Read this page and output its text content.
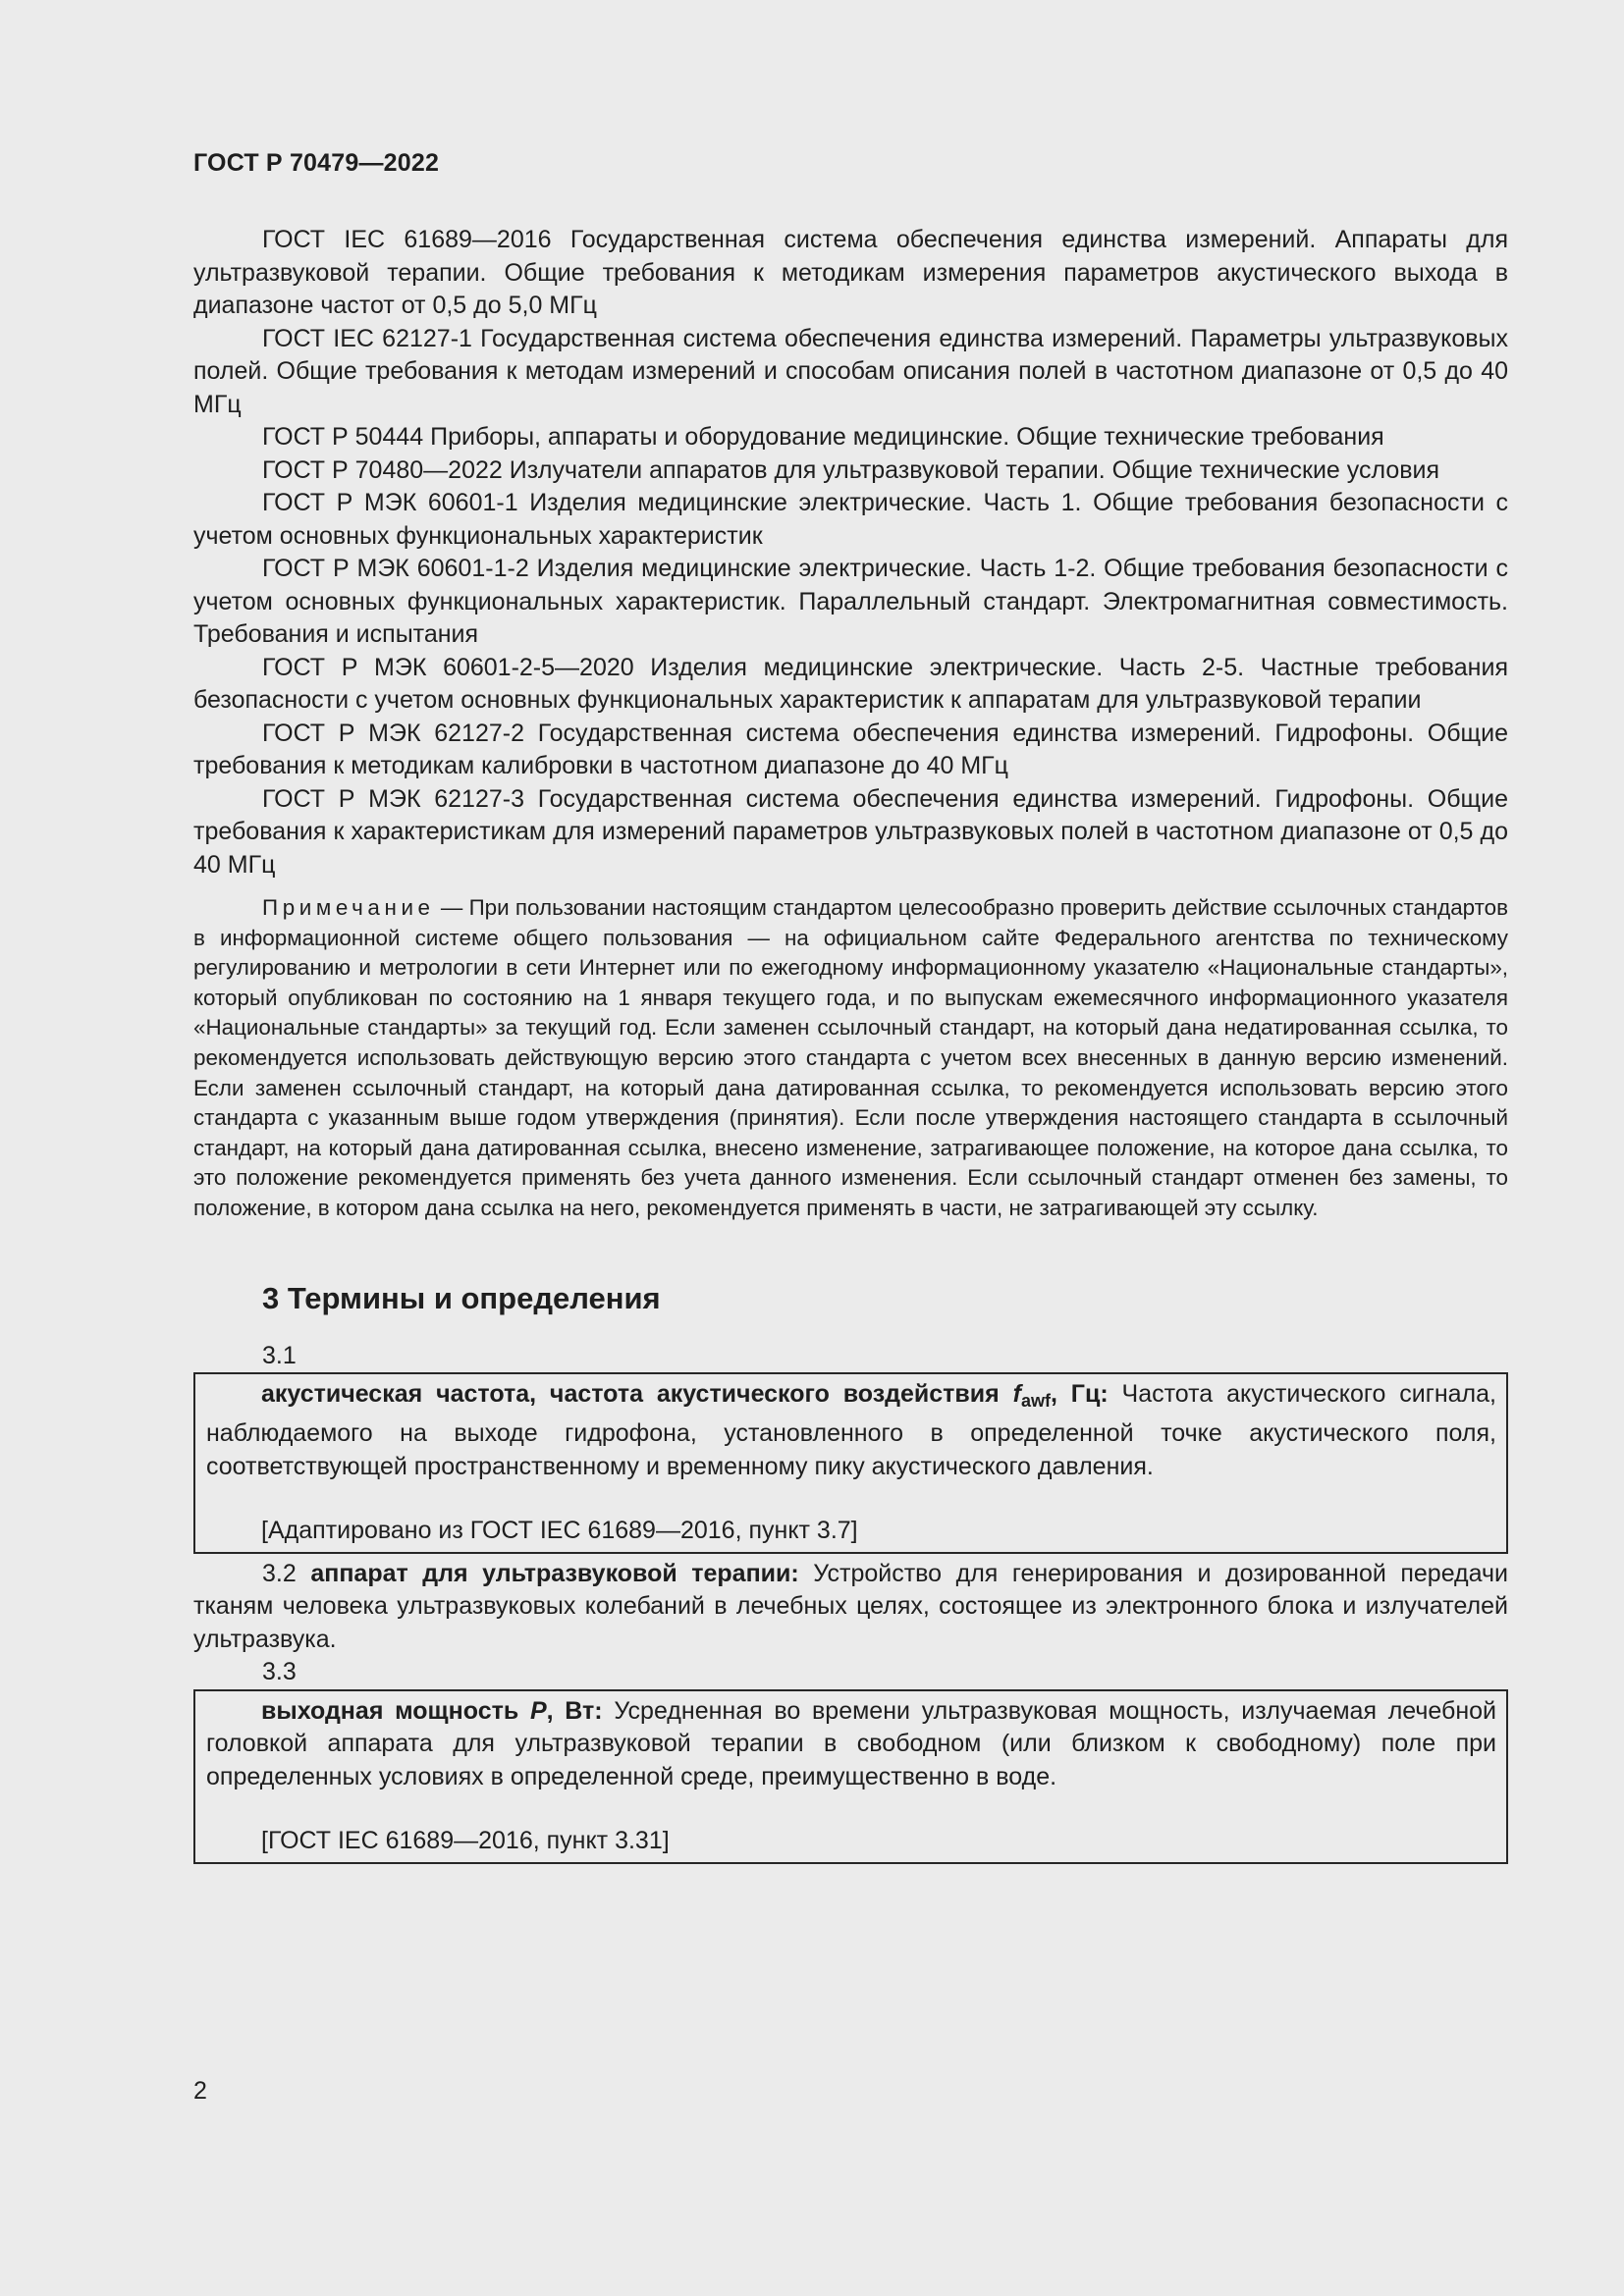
ГОСТ Р 70479—2022

ГОСТ IEC 61689—2016 Государственная система обеспечения единства измерений. Аппараты для ультразвуковой терапии. Общие требования к методикам измерения параметров акустического выхода в диапазоне частот от 0,5 до 5,0 МГц

ГОСТ IEC 62127-1 Государственная система обеспечения единства измерений. Параметры ультразвуковых полей. Общие требования к методам измерений и способам описания полей в частотном диапазоне от 0,5 до 40 МГц

ГОСТ Р 50444 Приборы, аппараты и оборудование медицинские. Общие технические требования

ГОСТ Р 70480—2022 Излучатели аппаратов для ультразвуковой терапии. Общие технические условия

ГОСТ Р МЭК 60601-1 Изделия медицинские электрические. Часть 1. Общие требования безопасности с учетом основных функциональных характеристик

ГОСТ Р МЭК 60601-1-2 Изделия медицинские электрические. Часть 1-2. Общие требования безопасности с учетом основных функциональных характеристик. Параллельный стандарт. Электромагнитная совместимость. Требования и испытания

ГОСТ Р МЭК 60601-2-5—2020 Изделия медицинские электрические. Часть 2-5. Частные требования безопасности с учетом основных функциональных характеристик к аппаратам для ультразвуковой терапии

ГОСТ Р МЭК 62127-2 Государственная система обеспечения единства измерений. Гидрофоны. Общие требования к методикам калибровки в частотном диапазоне до 40 МГц

ГОСТ Р МЭК 62127-3 Государственная система обеспечения единства измерений. Гидрофоны. Общие требования к характеристикам для измерений параметров ультразвуковых полей в частотном диапазоне от 0,5 до 40 МГц

Примечание — При пользовании настоящим стандартом целесообразно проверить действие ссылочных стандартов в информационной системе общего пользования — на официальном сайте Федерального агентства по техническому регулированию и метрологии в сети Интернет или по ежегодному информационному указателю «Национальные стандарты», который опубликован по состоянию на 1 января текущего года, и по выпускам ежемесячного информационного указателя «Национальные стандарты» за текущий год. Если заменен ссылочный стандарт, на который дана недатированная ссылка, то рекомендуется использовать действующую версию этого стандарта с учетом всех внесенных в данную версию изменений. Если заменен ссылочный стандарт, на который дана датированная ссылка, то рекомендуется использовать версию этого стандарта с указанным выше годом утверждения (принятия). Если после утверждения настоящего стандарта в ссылочный стандарт, на который дана датированная ссылка, внесено изменение, затрагивающее положение, на которое дана ссылка, то это положение рекомендуется применять без учета данного изменения. Если ссылочный стандарт отменен без замены, то положение, в котором дана ссылка на него, рекомендуется применять в части, не затрагивающей эту ссылку.

3 Термины и определения
3.1

акустическая частота, частота акустического воздействия $f_{awf}$, Гц: Частота акустического сигнала, наблюдаемого на выходе гидрофона, установленного в определенной точке акустического поля, соответствующей пространственному и временному пику акустического давления.

[Адаптировано из ГОСТ IEC 61689—2016, пункт 3.7]

3.2 аппарат для ультразвуковой терапии: Устройство для генерирования и дозированной передачи тканям человека ультразвуковых колебаний в лечебных целях, состоящее из электронного блока и излучателей ультразвука.

3.3

выходная мощность P, Вт: Усредненная во времени ультразвуковая мощность, излучаемая лечебной головкой аппарата для ультразвуковой терапии в свободном (или близком к свободному) поле при определенных условиях в определенной среде, преимущественно в воде.

[ГОСТ IEC 61689—2016, пункт 3.31]
2
